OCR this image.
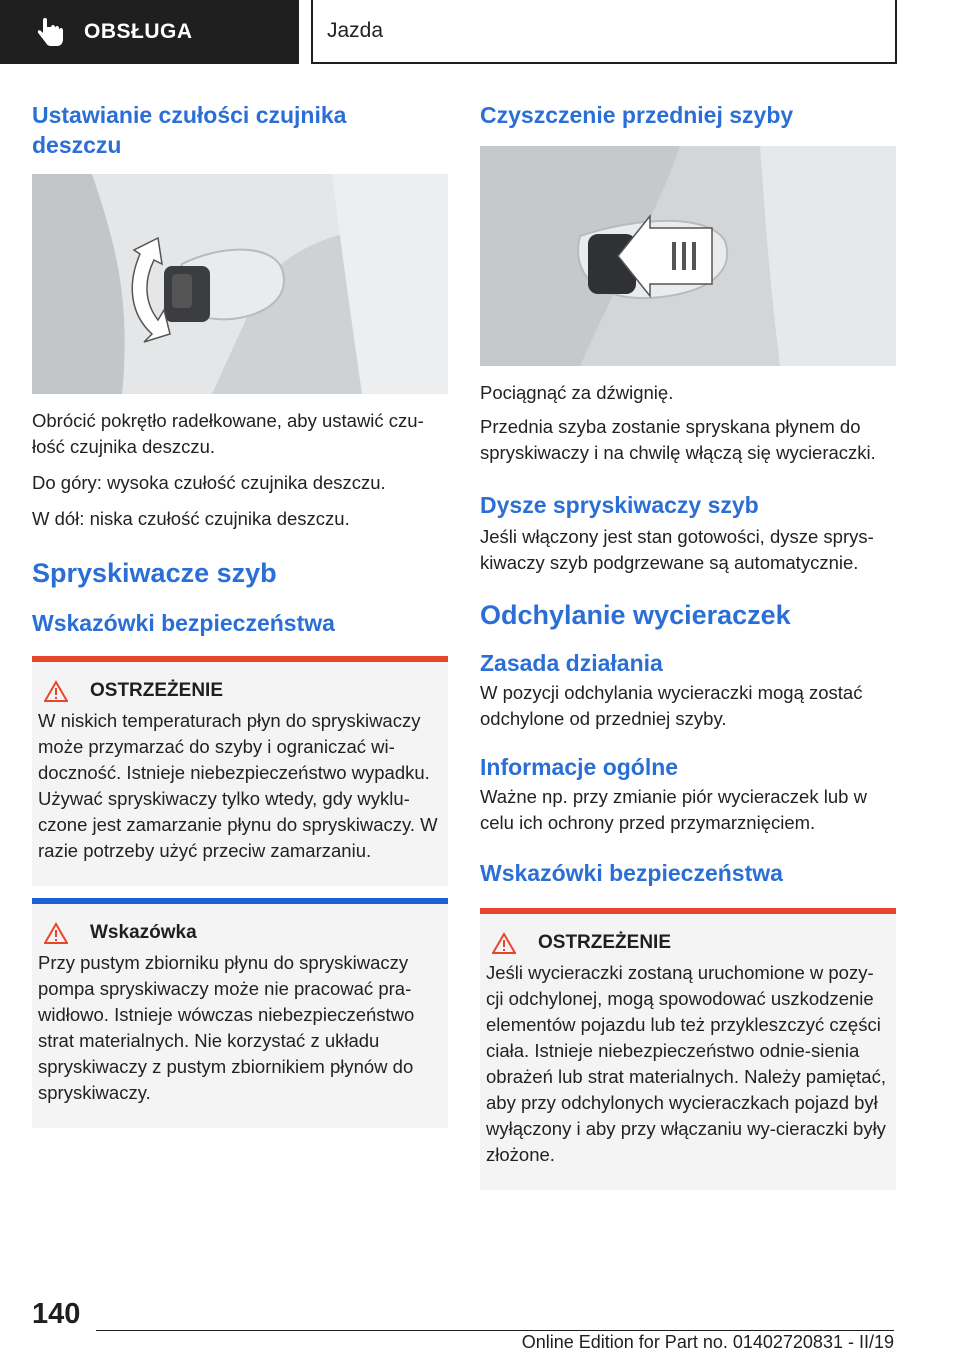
OBSŁUGA	Jazda
Ustawianie czułości czujnika deszczu

Obrócić pokrętło radełkowane, aby ustawić czu-łość czujnika deszczu.

Do góry: wysoka czułość czujnika deszczu.

W dół: niska czułość czujnika deszczu.

Spryskiwacze szyb
Wskazówki bezpieczeństwa
OSTRZEŻENIE

W niskich temperaturach płyn do spryskiwaczy może przymarzać do szyby i ograniczać wi-doczność. Istnieje niebezpieczeństwo wypadku. Używać spryskiwaczy tylko wtedy, gdy wyklu-czone jest zamarzanie płynu do spryskiwaczy. W razie potrzeby użyć przeciw zamarzaniu.

Wskazówka

Przy pustym zbiorniku płynu do spryskiwaczy pompa spryskiwaczy może nie pracować pra-widłowo. Istnieje wówczas niebezpieczeństwo strat materialnych. Nie korzystać z układu spryskiwaczy z pustym zbiornikiem płynów do spryskiwaczy.

Czyszczenie przedniej szyby

Pociągnąć za dźwignię.

Przednia szyba zostanie spryskana płynem do spryskiwaczy i na chwilę włączą się wycieraczki.

Dysze spryskiwaczy szyb

Jeśli włączony jest stan gotowości, dysze sprys-kiwaczy szyb podgrzewane są automatycznie.

Odchylanie wycieraczek
Zasada działania

W pozycji odchylania wycieraczki mogą zostać odchylone od przedniej szyby.

Informacje ogólne

Ważne np. przy zmianie piór wycieraczek lub w celu ich ochrony przed przymarznięciem.

Wskazówki bezpieczeństwa
OSTRZEŻENIE

Jeśli wycieraczki zostaną uruchomione w pozy-cji odchylonej, mogą spowodować uszkodzenie elementów pojazdu lub też przykleszczyć części ciała. Istnieje niebezpieczeństwo odnie-sienia obrażeń lub strat materialnych. Należy pamiętać, aby przy odchylonych wycieraczkach pojazd był wyłączony i aby przy włączaniu wy-cieraczki były złożone.

140
Online Edition for Part no. 01402720831 - II/19
